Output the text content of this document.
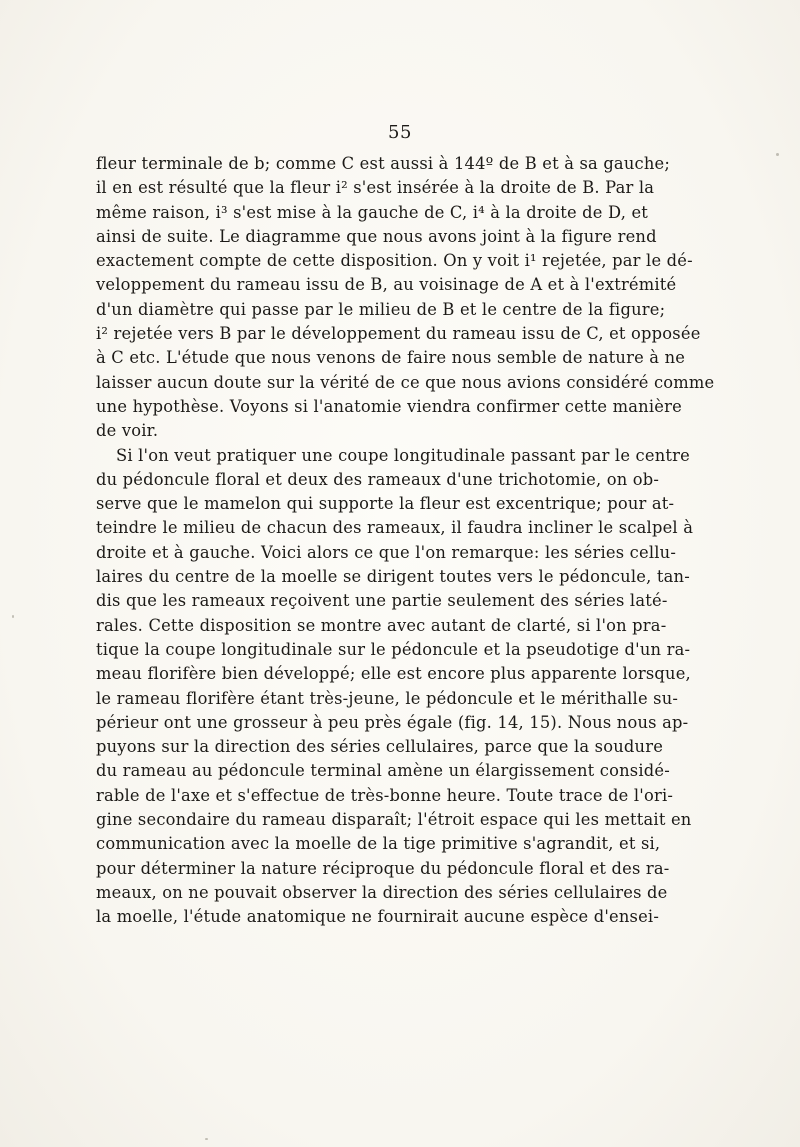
55
fleur terminale de b; comme C est aussi à 144º de B et à sa gauche;
il en est résulté que la fleur i² s'est insérée à la droite de B. Par la
même raison, i³ s'est mise à la gauche de C, i⁴ à la droite de D, et
ainsi de suite. Le diagramme que nous avons joint à la figure rend
exactement compte de cette disposition. On y voit i¹ rejetée, par le dé-
veloppement du rameau issu de B, au voisinage de A et à l'extrémité
d'un diamètre qui passe par le milieu de B et le centre de la figure;
i² rejetée vers B par le développement du rameau issu de C, et opposée
à C etc. L'étude que nous venons de faire nous semble de nature à ne
laisser aucun doute sur la vérité de ce que nous avions considéré comme
une hypothèse. Voyons si l'anatomie viendra confirmer cette manière
de voir.
Si l'on veut pratiquer une coupe longitudinale passant par le centre
du pédoncule floral et deux des rameaux d'une trichotomie, on ob-
serve que le mamelon qui supporte la fleur est excentrique; pour at-
teindre le milieu de chacun des rameaux, il faudra incliner le scalpel à
droite et à gauche. Voici alors ce que l'on remarque: les séries cellu-
laires du centre de la moelle se dirigent toutes vers le pédoncule, tan-
dis que les rameaux reçoivent une partie seulement des séries laté-
rales. Cette disposition se montre avec autant de clarté, si l'on pra-
tique la coupe longitudinale sur le pédoncule et la pseudotige d'un ra-
meau florifère bien développé; elle est encore plus apparente lorsque,
le rameau florifère étant très-jeune, le pédoncule et le mérithalle su-
périeur ont une grosseur à peu près égale (fig. 14, 15). Nous nous ap-
puyons sur la direction des séries cellulaires, parce que la soudure
du rameau au pédoncule terminal amène un élargissement considé-
rable de l'axe et s'effectue de très-bonne heure. Toute trace de l'ori-
gine secondaire du rameau disparaît; l'étroit espace qui les mettait en
communication avec la moelle de la tige primitive s'agrandit, et si,
pour déterminer la nature réciproque du pédoncule floral et des ra-
meaux, on ne pouvait observer la direction des séries cellulaires de
la moelle, l'étude anatomique ne fournirait aucune espèce d'ensei-
